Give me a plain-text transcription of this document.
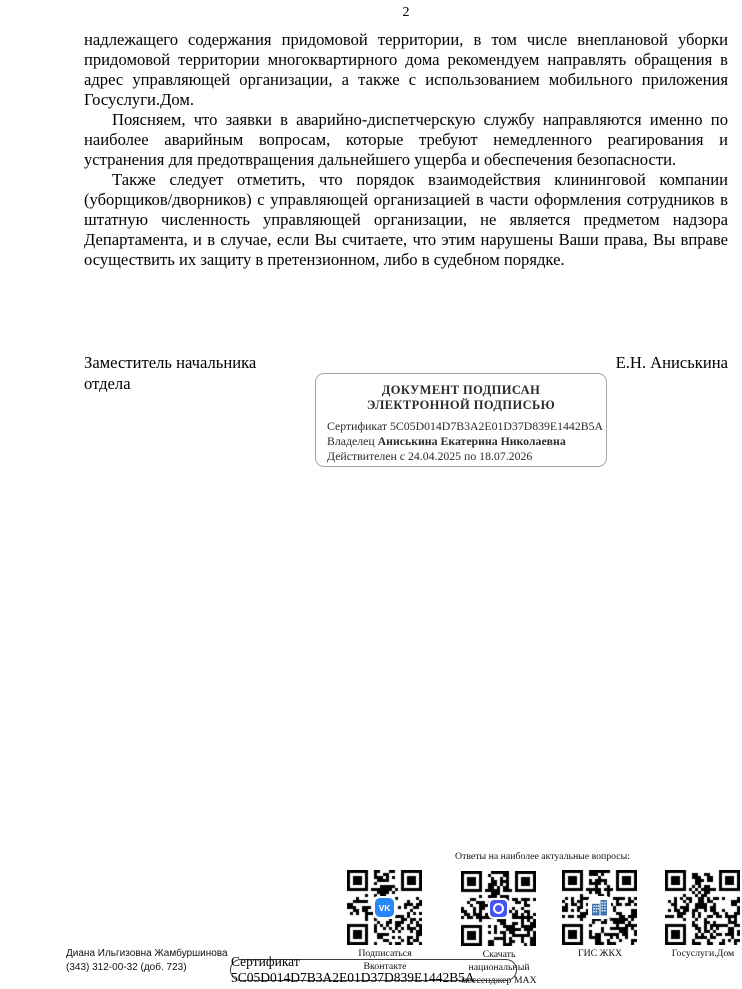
2

надлежащего содержания придомовой территории, в том числе внеплановой уборки придомовой территории многоквартирного дома рекомендуем направлять обращения в адрес управляющей организации, а также с использованием мобильного приложения Госуслуги.Дом.

Поясняем, что заявки в аварийно-диспетчерскую службу направляются именно по наиболее аварийным вопросам, которые требуют немедленного реагирования и устранения для предотвращения дальнейшего ущерба и обеспечения безопасности.

Также следует отметить, что порядок взаимодействия клининговой компании (уборщиков/дворников) с управляющей организацией в части оформления сотрудников в штатную численность управляющей организации, не является предметом надзора Департамента, и в случае, если Вы считаете, что этим нарушены Ваши права, Вы вправе осуществить их защиту в претензионном, либо в судебном порядке.

Заместитель начальника отдела
Е.Н. Аниськина
ДОКУМЕНТ ПОДПИСАН
ЭЛЕКТРОННОЙ ПОДПИСЬЮ
Сертификат 5C05D014D7B3A2E01D37D839E1442B5A
Владелец Аниськина Екатерина Николаевна
Действителен с 24.04.2025 по 18.07.2026
Ответы на наиболее актуальные вопросы:
VK
Подписаться
Вконтакте
Скачать
национальный
мессенджер MAX
ГИС ЖКХ	Госуслуги.Дом
Диана Ильгизовна Жамбуршинова
(343) 312-00-32 (доб. 723)	Сертификат 5C05D014D7B3A2E01D37D839E1442B5A
